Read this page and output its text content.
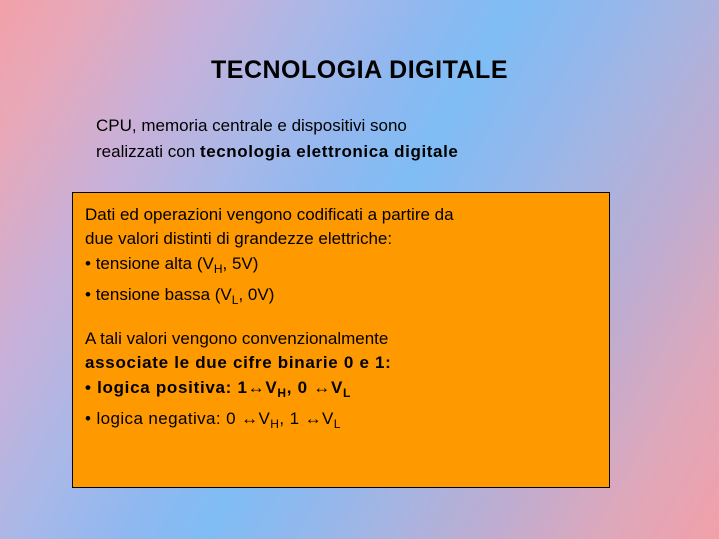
TECNOLOGIA DIGITALE
CPU, memoria centrale e dispositivi sono
realizzati con tecnologia elettronica digitale
Dati ed operazioni vengono codificati a partire da
due valori distinti di grandezze elettriche:
• tensione alta ($V_H$, 5V)
• tensione bassa ($V_L$, 0V)
A tali valori vengono convenzionalmente
associate le due cifre binarie 0 e 1:
• logica positiva: $1\leftrightarrow V_H$, 0 $\leftrightarrow V_L$
• logica negativa: 0 $\leftrightarrow V_H$, 1 $\leftrightarrow V_L$
